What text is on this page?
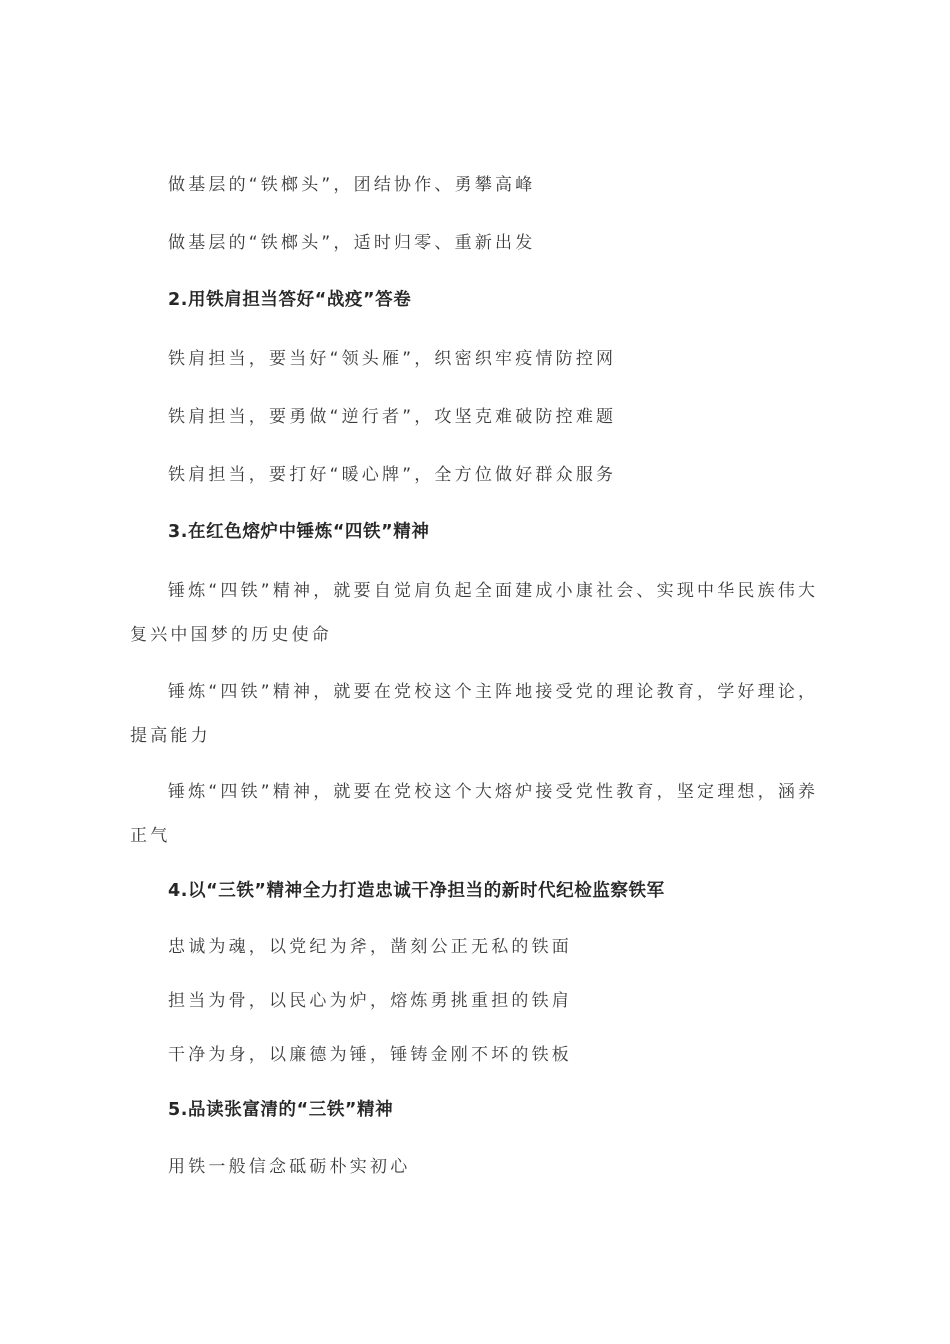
做基层的“铁榔头”，团结协作、勇攀高峰

做基层的“铁榔头”，适时归零、重新出发

2.用铁肩担当答好“战疫”答卷

铁肩担当，要当好“领头雁”，织密织牢疫情防控网

铁肩担当，要勇做“逆行者”，攻坚克难破防控难题

铁肩担当，要打好“暖心牌”，全方位做好群众服务

3.在红色熔炉中锤炼“四铁”精神

锤炼“四铁”精神，就要自觉肩负起全面建成小康社会、实现中华民族伟大

复兴中国梦的历史使命

锤炼“四铁”精神，就要在党校这个主阵地接受党的理论教育，学好理论，

提高能力

锤炼“四铁”精神，就要在党校这个大熔炉接受党性教育，坚定理想，涵养

正气

4.以“三铁”精神全力打造忠诚干净担当的新时代纪检监察铁军

忠诚为魂，以党纪为斧，凿刻公正无私的铁面

担当为骨，以民心为炉，熔炼勇挑重担的铁肩

干净为身，以廉德为锤，锤铸金刚不坏的铁板

5.品读张富清的“三铁”精神

用铁一般信念砥砺朴实初心
